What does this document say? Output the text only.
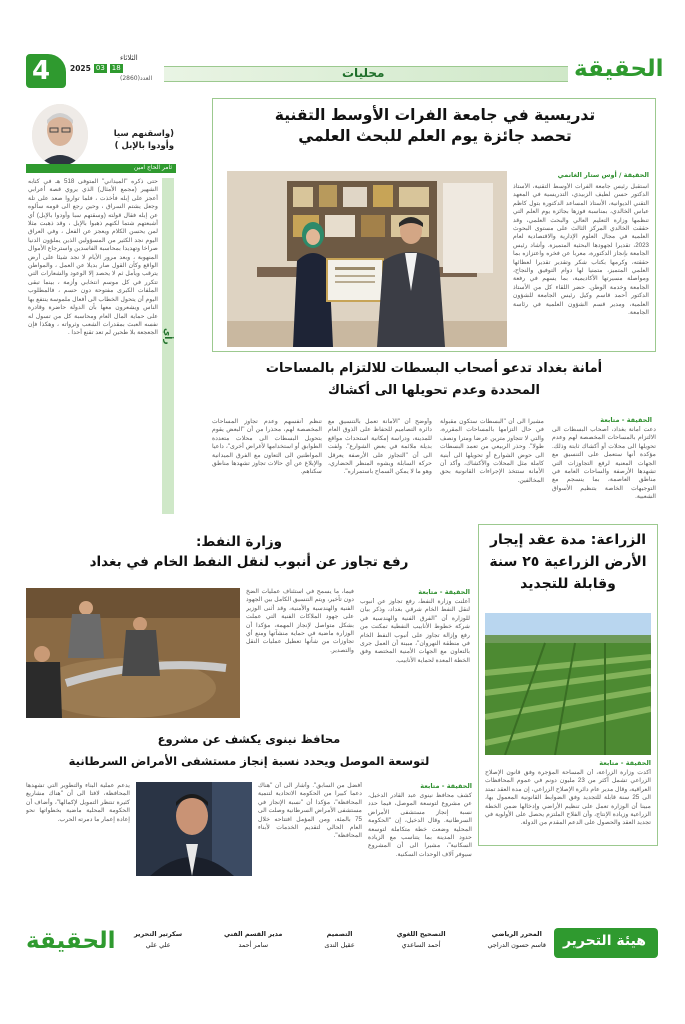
4	الثلاثاء
2025 03 18
العدد(2860)	محليات	الحقيقة
(واسقنهم سيا
وأودوا بالإبل )
ثامر الحاج امين
حتى ذكره "الميداني" المتوفى 518 هـ في كتابه الشهير (مجمع الأمثال) الذي يروي قصة أعرابي أعجز على إبله فأخذت ، فلما تواروا صعد على تلة وجعل يشتم السراق ، وحين رجع الى قومه سألوه عن إبله فقال قولته (وسقتهم سبا وأودوا بالإبل) أي أشبعتهم شتما لكنهم ذهبوا بالإبل ، وقد ذهبت مثلا لمن يحسن الكلام ويعجز عن الفعل ، وفي العراق اليوم نجد الكثير من المسؤولين الذين يملؤون الدنيا صراخا وتهديدا بمحاسبة الفاسدين واسترجاع الأموال المنهوبة ، وبعد مرور الأيام لا نجد شيئا على أرض الواقع وكأن القول صار بديلا عن العمل ، والمواطن يترقب ويأمل ثم لا يحصد إلا الوعود والشعارات التي تتكرر في كل موسم انتخابي وأزمة ، بينما تبقى الملفات الكبرى مفتوحة دون حسم ، فالمطلوب اليوم أن يتحول الخطاب الى أفعال ملموسة ينتفع بها الناس ويشعرون معها بأن الدولة حاضرة وقادرة على حماية المال العام ومحاسبة كل من تسول له نفسه العبث بمقدرات الشعب وثرواته ، وهكذا فإن الجعجعة بلا طحين لم تعد تقنع أحدا . رأي
تدريسية في جامعة الفرات الأوسط التقنية
تحصد جائزة يوم العلم للبحث العلمي
الحقيقة / أوس ستار الغانمي
استقبل رئيس جامعة الفرات الأوسط التقنية، الأستاذ الدكتور حسن لطيف الزبيدي، التدريسية في المعهد التقني الديوانية، الأستاذ المساعد الدكتورة بتول كاظم عباس الخالدي، بمناسبة فوزها بجائزة يوم العلم التي تنظمها وزارة التعليم العالي والبحث العلمي، وقد حققت الخالدي المركز الثالث على مستوى البحوث العلمية في مجال العلوم الإدارية والاقتصادية لعام 2023، تقديرا لجهودها البحثية المتميزة. وأشاد رئيس الجامعة بإنجاز الدكتورة، معربا عن فخره واعتزازه بما حققته، وكرمها بكتاب شكر وتقدير تقديرا لعطائها العلمي المتميز، متمنيا لها دوام التوفيق والنجاح، ومواصلة مسيرتها الأكاديمية، بما يسهم في رفعة الجامعة وخدمة الوطن. حضر اللقاء كل من الأستاذ الدكتور أحمد قاسم وكيل رئيس الجامعة للشؤون العلمية، ومدير قسم الشؤون العلمية في رئاسة الجامعة.
أمانة بغداد تدعو أصحاب البسطات للالتزام بالمساحات
المحددة وعدم تحويلها الى أكشاك
الحقيقة - متابعة
دعت أمانة بغداد، أصحاب البسطات الى الالتزام بالمساحات المخصصة لهم وعدم تحويلها الى محلات أو أكشاك ثابتة وذلك. مؤكدة أنها ستعمل على التنسيق مع الجهات المعنية لرفع التجاوزات التي تشهدها الأرصفة والساحات العامة في مناطق العاصمة، بما ينسجم مع التوجيهات الخاصة بتنظيم الأسواق الشعبية.
مشيرا الى أن "البسطات ستكون مقبولة في حال التزامها بالمساحات المقررة، والتي لا تتجاوز مترين عرضا ومترا ونصف طولا". وحذر الربيعي من تعمد البسطات الى حوض الشوارع أو تحويلها الى أبنية كاملة مثل المحلات والأكشاك، وأكد أن الأمانة ستتخذ الإجراءات القانونية بحق المخالفين.
وأوضح أن "الأمانة تعمل بالتنسيق مع دائرة التصاميم للحفاظ على الذوق العام للمدينة، ودراسة إمكانية استحداث مواقع بديلة ملائمة في بعض الشوارع". ولفت الى أن "التجاوز على الأرصفة يعرقل حركة السابلة ويشوه المنظر الحضاري، وهو ما لا يمكن السماح باستمراره".
تنظم أنفسهم وعدم تجاوز المساحات المخصصة لهم، محذرا من أن "البعض يقوم بتحويل البسطات الى محلات متعددة الطوابق أو استخدامها لأغراض أخرى"، داعيا المواطنين الى التعاون مع الفرق الميدانية والإبلاغ عن أي حالات تجاوز تشهدها مناطق سكناهم.
الزراعة: مدة عقد إيجار
الأرض الزراعية ٢٥ سنة
وقابلة للتجديد
الحقيقة - متابعة
أكدت وزارة الزراعة، أن المساحة المؤجرة وفق قانون الإصلاح الزراعي تشمل أكثر من 23 مليون دونم في عموم المحافظات العراقية، وقال مدير عام دائرة الإصلاح الزراعي، إن مدة العقد تمتد الى 25 سنة قابلة للتجديد وفق الضوابط القانونية المعمول بها، مبينا أن الوزارة تعمل على تنظيم الأراضي وإدخالها ضمن الخطة الزراعية وزيادة الإنتاج، وأن الفلاح الملتزم يحصل على الأولوية في تجديد العقد والحصول على الدعم المقدم من الدولة.
وزارة النفط:
رفع تجاوز عن أنبوب لنقل النفط الخام في بغداد
فيما، ما يسمح في استئناف عمليات الضخ دون تأخير، ويتم التنسيق الكامل بين الجهود الفنية والهندسية والأمنية، وقد أثنى الوزير على جهود الملاكات الفنية التي عملت بشكل متواصل لإنجاز المهمة، مؤكدا أن الوزارة ماضية في حماية منشآتها ومنع أي تجاوزات من شأنها تعطيل عمليات النقل والتصدير.
الحقيقة - متابعة
أعلنت وزارة النفط، رفع تجاوز عن أنبوب لنقل النفط الخام شرقي بغداد، وذكر بيان للوزارة أن "الفرق الفنية والهندسية في شركة خطوط الأنابيب النفطية تمكنت من رفع وإزالة تجاوز على أنبوب النفط الخام في منطقة النهروان"، مبينة أن العمل جرى بالتعاون مع الجهات الأمنية المختصة وفق الخطة المعدة لحماية الأنابيب.
محافظ نينوى يكشف عن مشروع
لتوسعة الموصل ويحدد نسبة إنجاز مستشفى الأمراض السرطانية
يدعم عملية البناء والتطوير التي تشهدها المحافظة، لافتا الى أن "هناك مشاريع كثيرة تنتظر التمويل لإكمالها"، وأضاف أن الحكومة المحلية ماضية بخطواتها نحو إعادة إعمار ما دمرته الحرب.
أفضل من السابق". وأشار الى أن "هناك دعما كبيرا من الحكومة الاتحادية لتنمية المحافظة"، مؤكدا أن "نسبة الإنجاز في مستشفى الأمراض السرطانية وصلت الى 75 بالمئة، ومن المؤمل افتتاحه خلال العام الحالي لتقديم الخدمات لأبناء المحافظة".
الحقيقة - متابعة
كشف محافظ نينوى عبد القادر الدخيل، عن مشروع لتوسعة الموصل، فيما حدد نسبة إنجاز مستشفى الأمراض السرطانية. وقال الدخيل، إن "الحكومة المحلية وضعت خطة متكاملة لتوسعة حدود المدينة بما يتناسب مع الزيادة السكانية"، مشيرا الى أن المشروع سيوفر آلاف الوحدات السكنية.
الحقيقة	سكرتير التحرير
علي علي
مدير القسم الفني
سامر أحمد
التصميم
عقيل الندى
التصحيح اللغوي
أحمد الساعدي
المحرر الرياضي
قاسم حسون الدراجي هيئة التحرير
